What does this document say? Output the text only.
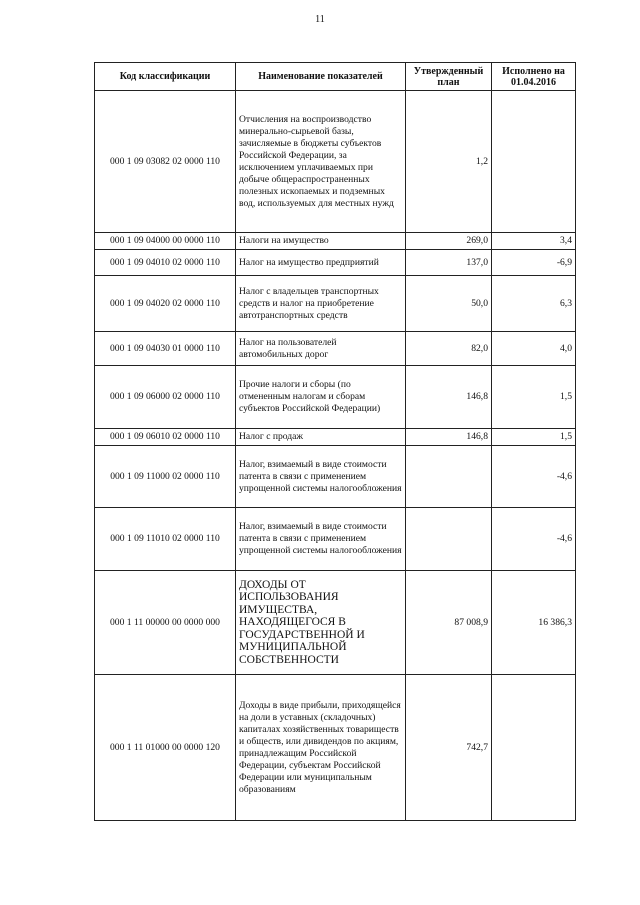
11
Код классификации	Наименование показателей	Утвержденный план	Исполнено на 01.04.2016
000 1 09 03082 02 0000 110	Отчисления на воспроизводство минерально-сырьевой базы, зачисляемые в бюджеты субъектов Российской Федерации, за исключением уплачиваемых при добыче общераспространенных полезных ископаемых и подземных вод, используемых для местных нужд	1,2	
000 1 09 04000 00 0000 110	Налоги на имущество	269,0	3,4
000 1 09 04010 02 0000 110	Налог на имущество предприятий	137,0	-6,9
000 1 09 04020 02 0000 110	Налог с владельцев транспортных средств и налог на приобретение автотранспортных средств	50,0	6,3
000 1 09 04030 01 0000 110	Налог на пользователей автомобильных дорог	82,0	4,0
000 1 09 06000 02 0000 110	Прочие налоги и сборы (по отмененным налогам и сборам субъектов Российской Федерации)	146,8	1,5
000 1 09 06010 02 0000 110	Налог с продаж	146,8	1,5
000 1 09 11000 02 0000 110	Налог, взимаемый в виде стоимости патента в связи с применением упрощенной системы налогообложения		-4,6
000 1 09 11010 02 0000 110	Налог, взимаемый в виде стоимости патента в связи с применением упрощенной системы налогообложения		-4,6
000 1 11 00000 00 0000 000	ДОХОДЫ ОТ ИСПОЛЬЗОВАНИЯ ИМУЩЕСТВА, НАХОДЯЩЕГОСЯ В ГОСУДАРСТВЕННОЙ И МУНИЦИПАЛЬНОЙ СОБСТВЕННОСТИ	87 008,9	16 386,3
000 1 11 01000 00 0000 120	Доходы в виде прибыли, приходящейся на доли в уставных (складочных) капиталах хозяйственных товариществ и обществ, или дивидендов по акциям, принадлежащим Российской Федерации, субъектам Российской Федерации или муниципальным образованиям	742,7	
